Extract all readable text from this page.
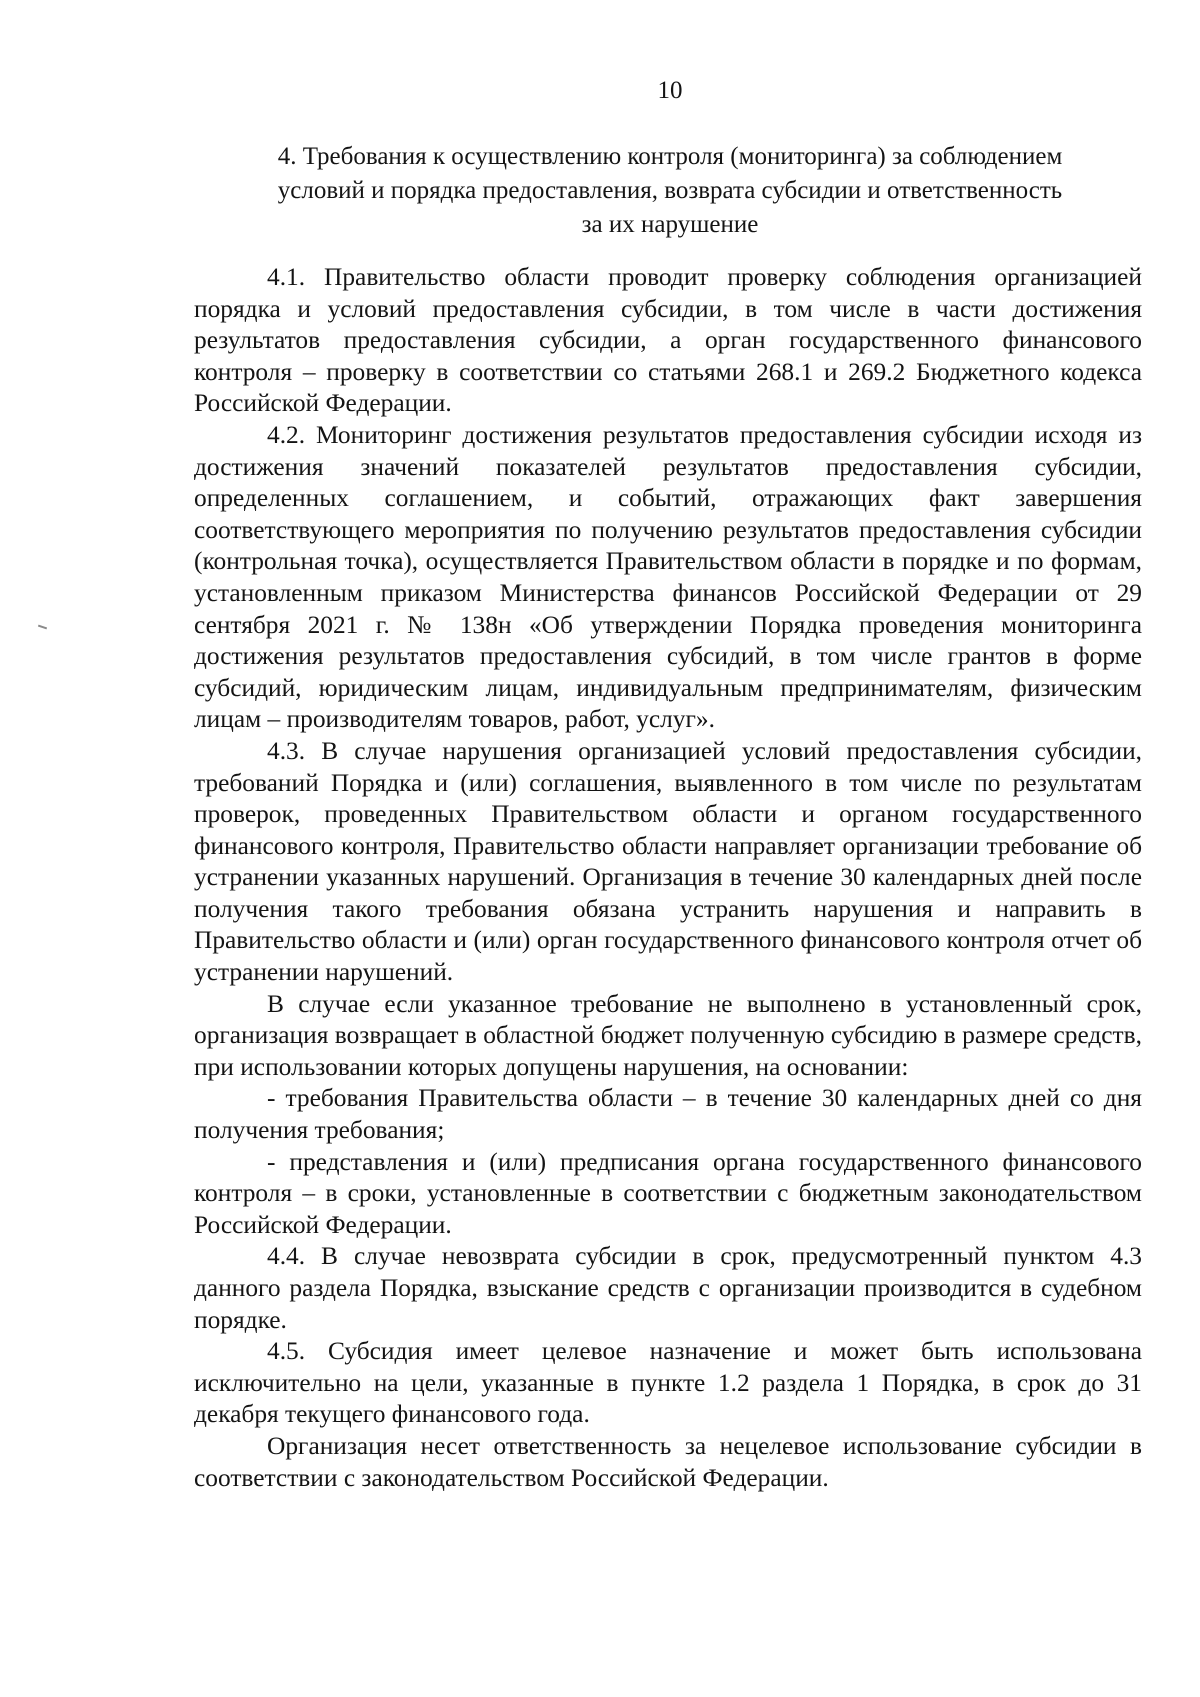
10
4. Требования к осуществлению контроля (мониторинга) за соблюдением
условий и порядка предоставления, возврата субсидии и ответственность
за их нарушение

4.1. Правительство области проводит проверку соблюдения организацией порядка и условий предоставления субсидии, в том числе в части достижения результатов предоставления субсидии, а орган государственного финансового контроля – проверку в соответствии со статьями 268.1 и 269.2 Бюджетного кодекса Российской Федерации.

4.2. Мониторинг достижения результатов предоставления субсидии исходя из достижения значений показателей результатов предоставления субсидии, определенных соглашением, и событий, отражающих факт завершения соответствующего мероприятия по получению результатов предоставления субсидии (контрольная точка), осуществляется Правительством области в порядке и по формам, установленным приказом Министерства финансов Российской Федерации от 29 сентября 2021 г. № 138н «Об утверждении Порядка проведения мониторинга достижения результатов предоставления субсидий, в том числе грантов в форме субсидий, юридическим лицам, индивидуальным предпринимателям, физическим лицам – производителям товаров, работ, услуг».

4.3. В случае нарушения организацией условий предоставления субсидии, требований Порядка и (или) соглашения, выявленного в том числе по результатам проверок, проведенных Правительством области и органом государственного финансового контроля, Правительство области направляет организации требование об устранении указанных нарушений. Организация в течение 30 календарных дней после получения такого требования обязана устранить нарушения и направить в Правительство области и (или) орган государственного финансового контроля отчет об устранении нарушений.

В случае если указанное требование не выполнено в установленный срок, организация возвращает в областной бюджет полученную субсидию в размере средств, при использовании которых допущены нарушения, на основании:

- требования Правительства области – в течение 30 календарных дней со дня получения требования;

- представления и (или) предписания органа государственного финансового контроля – в сроки, установленные в соответствии с бюджетным законодательством Российской Федерации.

4.4. В случае невозврата субсидии в срок, предусмотренный пунктом 4.3 данного раздела Порядка, взыскание средств с организации производится в судебном порядке.

4.5. Субсидия имеет целевое назначение и может быть использована исключительно на цели, указанные в пункте 1.2 раздела 1 Порядка, в срок до 31 декабря текущего финансового года.

Организация несет ответственность за нецелевое использование субсидии в соответствии с законодательством Российской Федерации.
